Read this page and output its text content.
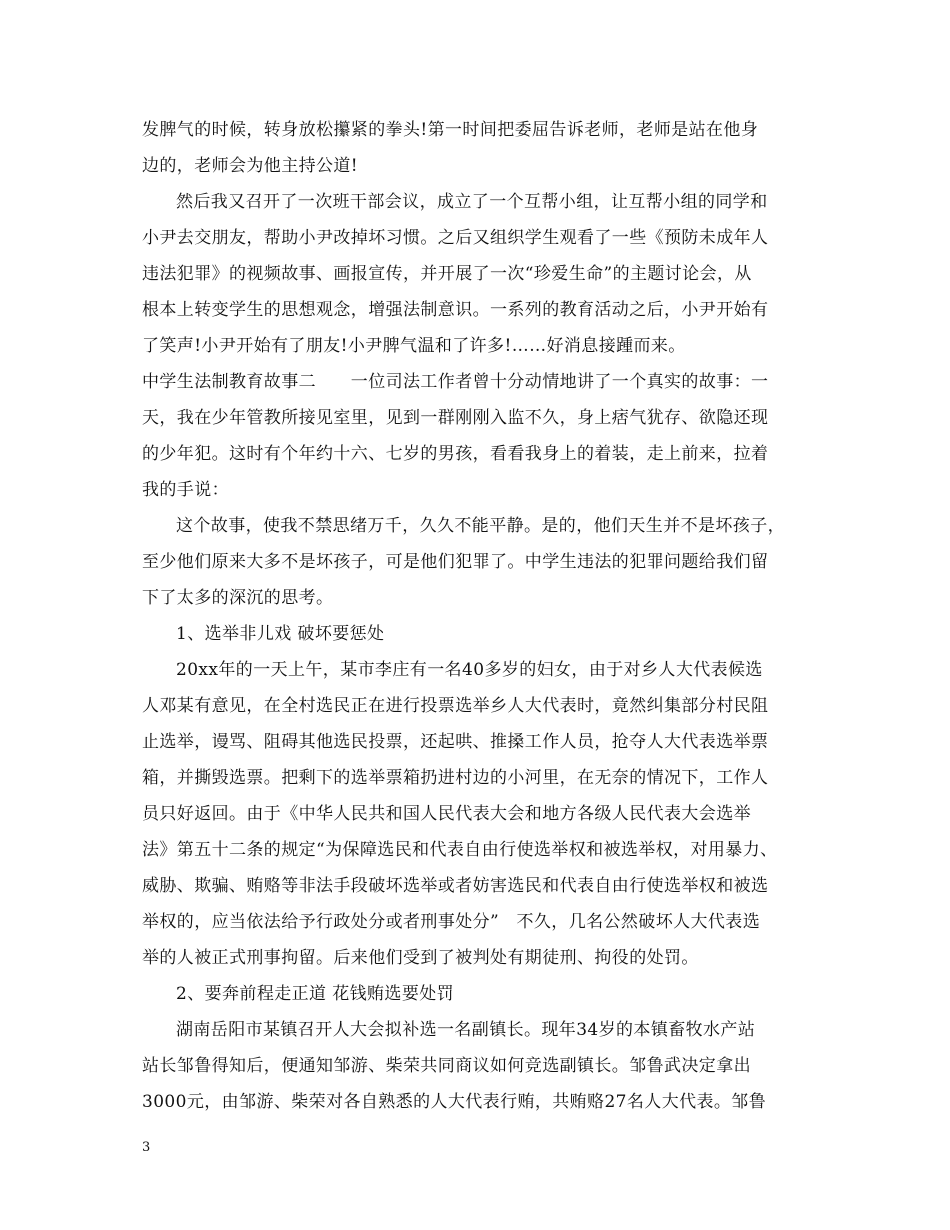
发脾气的时候，转身放松攥紧的拳头!第一时间把委屈告诉老师，老师是站在他身
边的，老师会为他主持公道!
然后我又召开了一次班干部会议，成立了一个互帮小组，让互帮小组的同学和
小尹去交朋友，帮助小尹改掉坏习惯。之后又组织学生观看了一些《预防未成年人
违法犯罪》的视频故事、画报宣传，并开展了一次“珍爱生命”的主题讨论会，从
根本上转变学生的思想观念，增强法制意识。一系列的教育活动之后，小尹开始有
了笑声!小尹开始有了朋友!小尹脾气温和了许多!……好消息接踵而来。
中学生法制教育故事二　　一位司法工作者曾十分动情地讲了一个真实的故事：一
天，我在少年管教所接见室里，见到一群刚刚入监不久，身上痞气犹存、欲隐还现
的少年犯。这时有个年约十六、七岁的男孩，看看我身上的着装，走上前来，拉着
我的手说：
这个故事，使我不禁思绪万千，久久不能平静。是的，他们天生并不是坏孩子，
至少他们原来大多不是坏孩子，可是他们犯罪了。中学生违法的犯罪问题给我们留
下了太多的深沉的思考。
1、选举非儿戏 破坏要惩处
20xx年的一天上午，某市李庄有一名40多岁的妇女，由于对乡人大代表候选
人邓某有意见，在全村选民正在进行投票选举乡人大代表时，竟然纠集部分村民阻
止选举，谩骂、阻碍其他选民投票，还起哄、推搡工作人员，抢夺人大代表选举票
箱，并撕毁选票。把剩下的选举票箱扔进村边的小河里，在无奈的情况下，工作人
员只好返回。由于《中华人民共和国人民代表大会和地方各级人民代表大会选举
法》第五十二条的规定“为保障选民和代表自由行使选举权和被选举权，对用暴力、
威胁、欺骗、贿赂等非法手段破坏选举或者妨害选民和代表自由行使选举权和被选
举权的，应当依法给予行政处分或者刑事处分”　不久，几名公然破坏人大代表选
举的人被正式刑事拘留。后来他们受到了被判处有期徒刑、拘役的处罚。
2、要奔前程走正道 花钱贿选要处罚
湖南岳阳市某镇召开人大会拟补选一名副镇长。现年34岁的本镇畜牧水产站
站长邹鲁得知后，便通知邹游、柴荣共同商议如何竞选副镇长。邹鲁武决定拿出
3000元，由邹游、柴荣对各自熟悉的人大代表行贿，共贿赂27名人大代表。邹鲁
3
